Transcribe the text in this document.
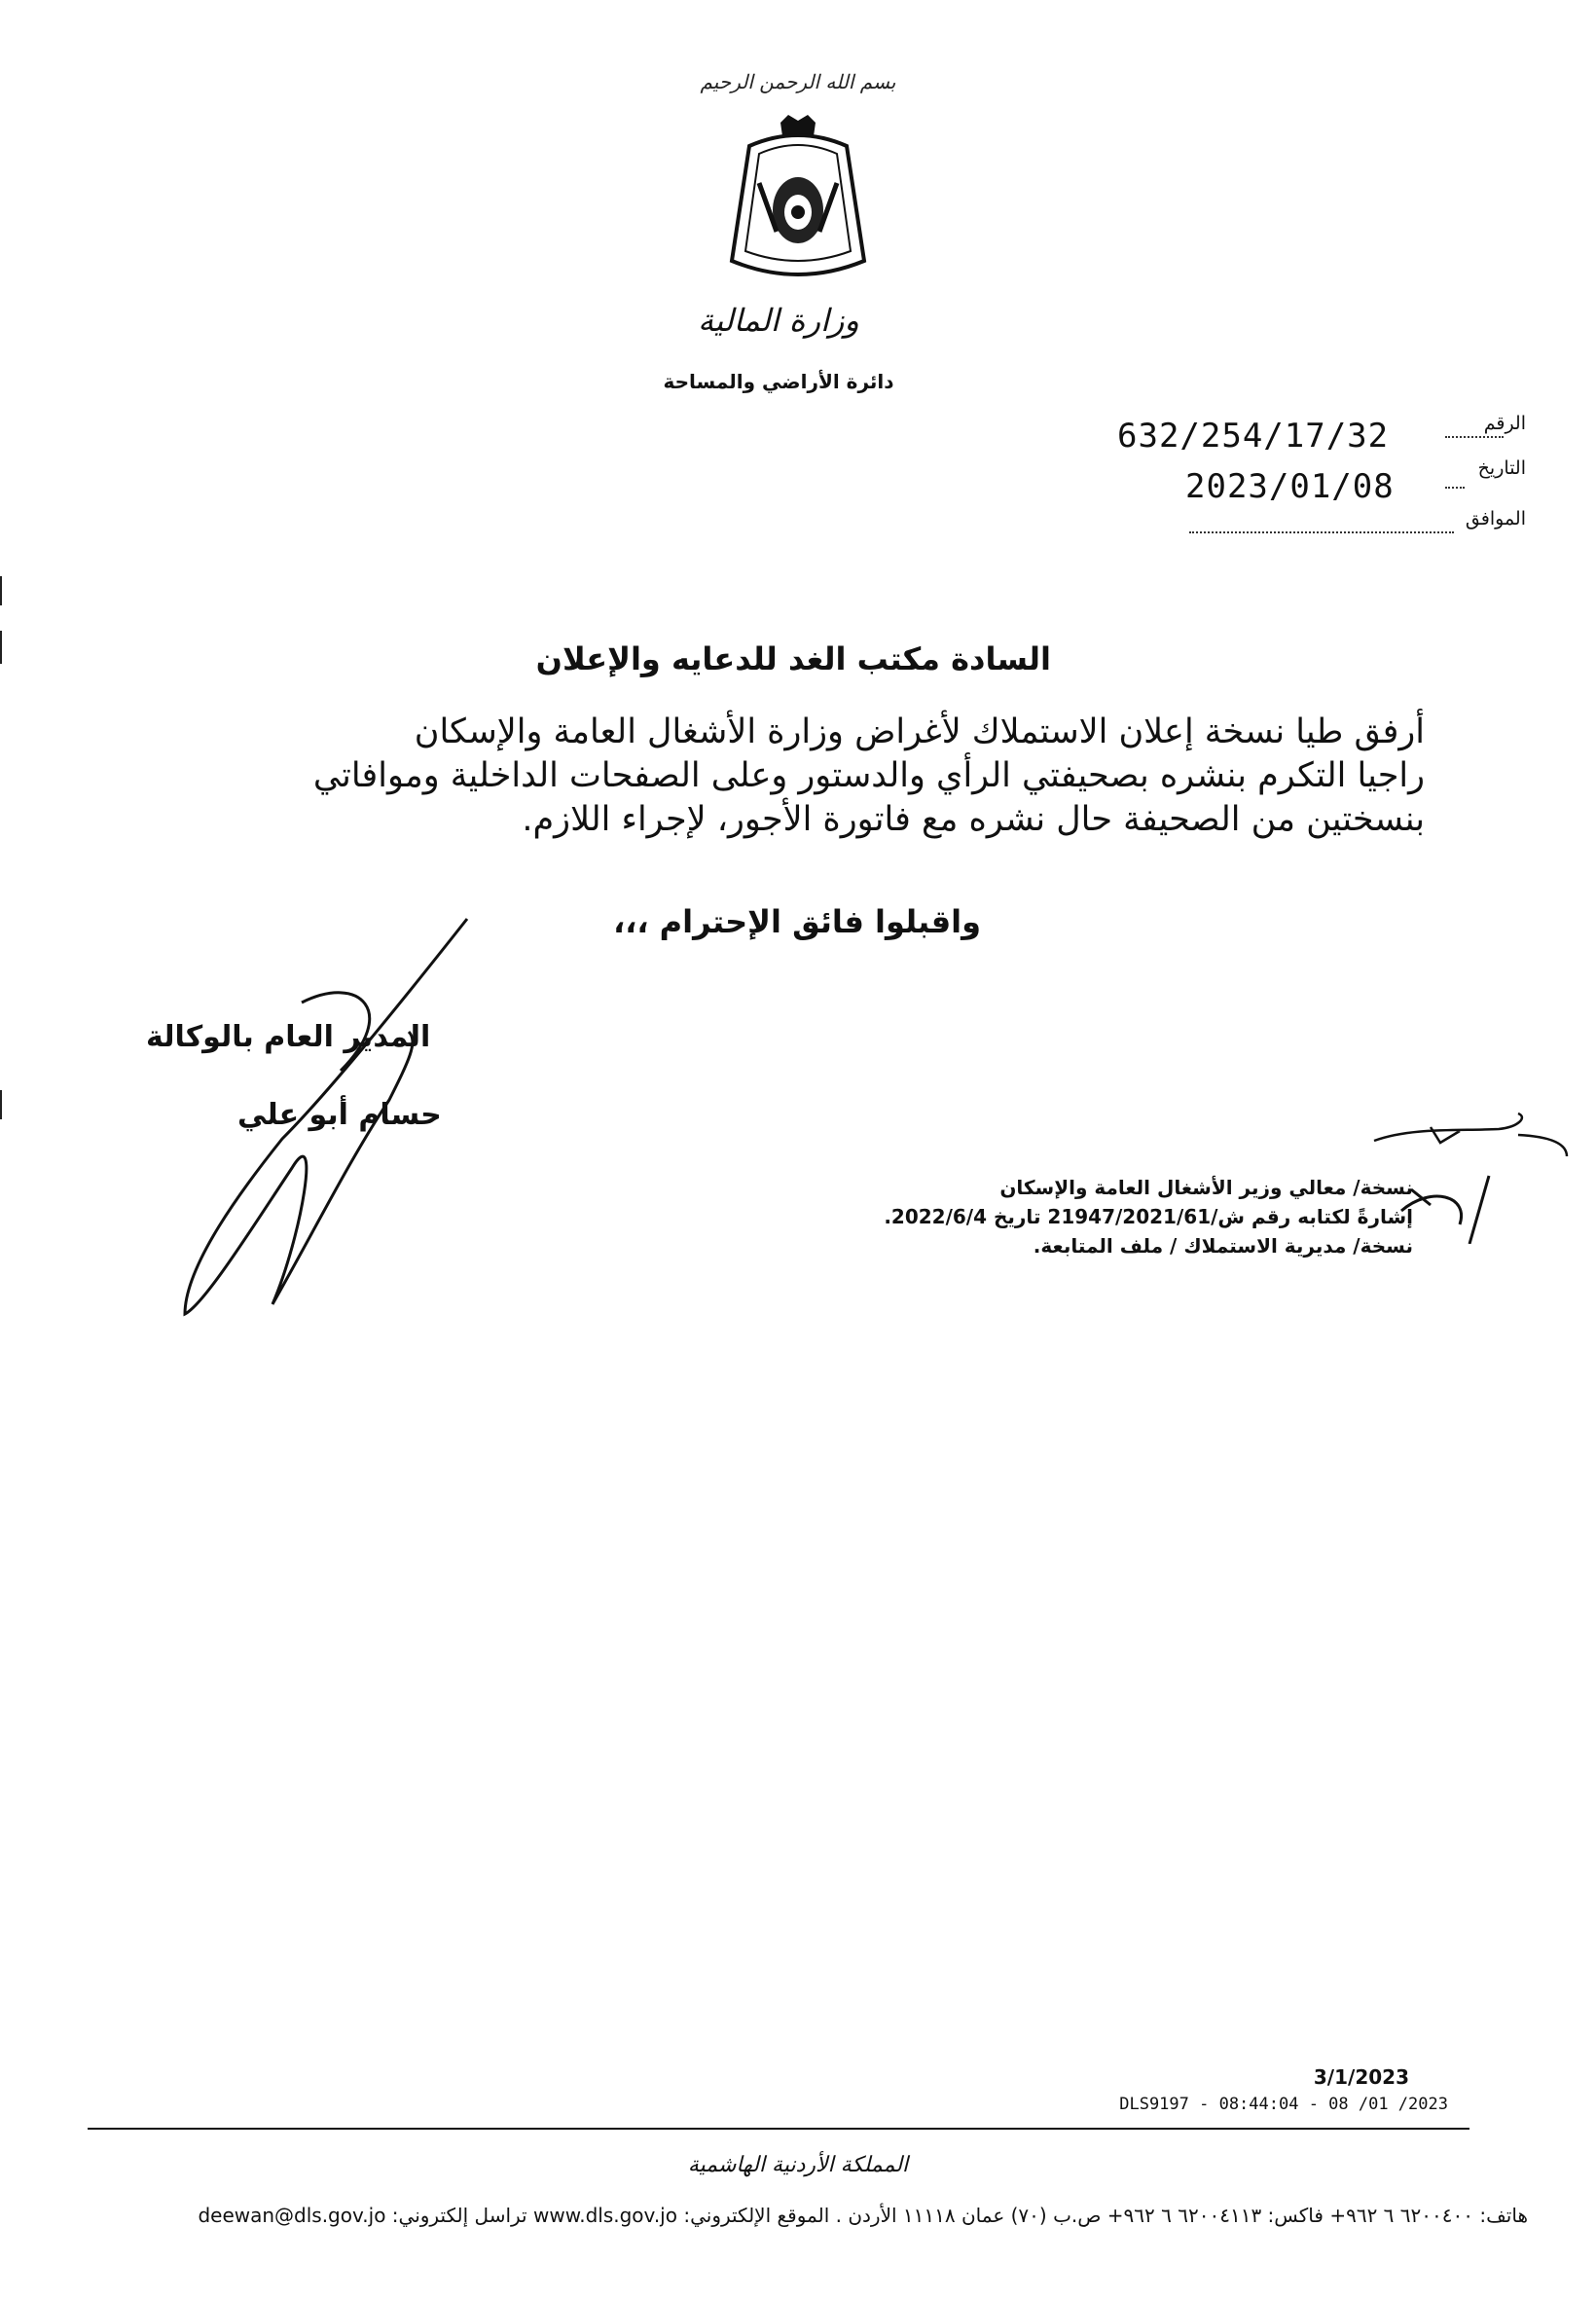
بسم الله الرحمن الرحيم
وزارة المالية
دائرة الأراضي والمساحة
الرقم
632/254/17/32
التاريخ
2023/01/08
الموافق
السادة مكتب الغد للدعايه والإعلان
أرفق طيا نسخة إعلان الاستملاك لأغراض وزارة الأشغال العامة والإسكان
راجيا التكرم بنشره بصحيفتي الرأي والدستور وعلى الصفحات الداخلية وموافاتي
بنسختين من الصحيفة حال نشره مع فاتورة الأجور، لإجراء اللازم.
واقبلوا فائق الإحترام ،،،
المدير العام بالوكالة
حسام أبو علي
نسخة/ معالي وزير الأشغال العامة والإسكان
إشارةً لكتابه رقم ش/21947/2021/61 تاريخ 2022/6/4.
نسخة/ مديرية الاستملاك / ملف المتابعة.
3/1/2023
DLS9197 - 08:44:04 - 08 /01 /2023
المملكة الأردنية الهاشمية
هاتف: ٦٢٠٠٤٠٠ ٦ ٩٦٢+ فاكس: ٦٢٠٠٤١١٣ ٦ ٩٦٢+ ص.ب (٧٠) عمان ١١١١٨ الأردن . الموقع الإلكتروني: www.dls.gov.jo تراسل إلكتروني: deewan@dls.gov.jo
